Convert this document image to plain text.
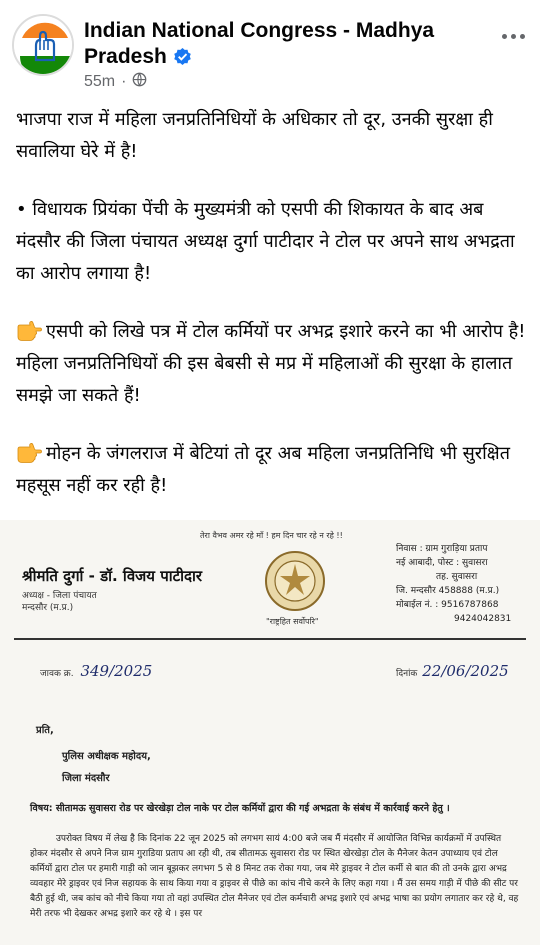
Indian National Congress - Madhya Pradesh
55m ·

भाजपा राज में महिला जनप्रतिनिधियों के अधिकार तो दूर, उनकी सुरक्षा ही सवालिया घेरे में है!

• विधायक प्रियंका पेंची के मुख्यमंत्री को एसपी की शिकायत के बाद अब मंदसौर की जिला पंचायत अध्यक्ष दुर्गा पाटीदार ने टोल पर अपने साथ अभद्रता का आरोप लगाया है!

एसपी को लिखे पत्र में टोल कर्मियों पर अभद्र इशारे करने का भी आरोप है! महिला जनप्रतिनिधियों की इस बेबसी से मप्र में महिलाओं की सुरक्षा के हालात समझे जा सकते हैं!

मोहन के जंगलराज में बेटियां तो दूर अब महिला जनप्रतिनिधि भी सुरक्षित महसूस नहीं कर रही है!

तेरा वैभव अमर रहे माँ ! हम दिन चार रहे न रहे !!
श्रीमति दुर्गा - डॉ. विजय पाटीदार
अध्यक्ष - जिला पंचायत
मन्दसौर (म.प्र.)
"राष्ट्रहित सर्वोपरि"
निवास : ग्राम गुराड़िया प्रताप
नई आबादी, पोस्ट : सुवासरा
तह. सुवासरा
जि. मन्दसौर 458888 (म.प्र.)
मोबाईल नं. : 9516787868
9424042831
जावक क्र. 349/2025	दिनांक 22/06/2025
प्रति,
पुलिस अधीक्षक महोदय,
जिला मंदसौर
विषय: सीतामऊ सुवासरा रोड पर खेरखेड़ा टोल नाके पर टोल कर्मियों द्वारा की गई अभद्रता के संबंध में कार्रवाई करने हेतु ।

उपरोक्त विषय में लेख है कि दिनांक 22 जून 2025 को लगभग सायं 4:00 बजे जब मैं मंदसौर में आयोजित विभिन्न कार्यक्रमों में उपस्थित होकर मंदसौर से अपने निज ग्राम गुराडिया प्रताप आ रही थी, तब सीतामऊ सुवासरा रोड पर स्थित खेरखेड़ा टोल के मैनेजर केतन उपाध्याय एवं टोल कर्मियों द्वारा टोल पर हमारी गाड़ी को जान बूझकर लगभग 5 से 8 मिनट तक रोका गया, जब मेरे ड्राइवर ने टोल कर्मी से बात की तो उनके द्वारा अभद्र व्यवहार मेरे ड्राइवर एवं निज सहायक के साथ किया गया व ड्राइवर से पीछे का कांच नीचे करने के लिए कहा गया । मैं उस समय गाड़ी में पीछे की सीट पर बैठी हुई थी, जब कांच को नीचे किया गया तो वहां उपस्थित टोल मैनेजर एवं टोल कर्मचारी अभद्र इशारे एवं अभद्र भाषा का प्रयोग लगातार कर रहे थे, वह मेरी तरफ भी देखकर अभद्र इशारे कर रहे थे । इस पर
